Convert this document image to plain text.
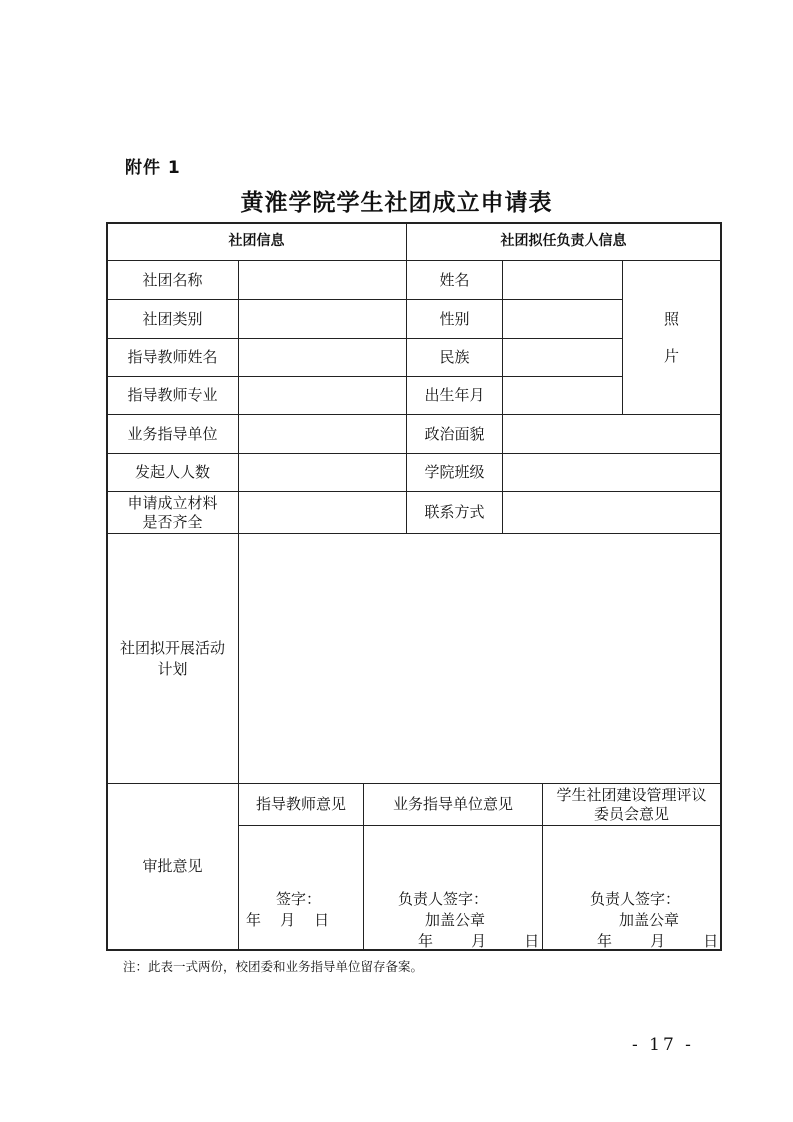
附件 1
黄淮学院学生社团成立申请表
社团信息	社团拟任负责人信息
社团名称
社团类别
指导教师姓名
指导教师专业
业务指导单位
发起人人数
申请成立材料
是否齐全
姓名
性别
民族
出生年月
政治面貌
学院班级
联系方式
照
片
社团拟开展活动
计划
审批意见
指导教师意见	业务指导单位意见
学生社团建设管理评议
委员会意见
签字：
年    月    日
负责人签字：
加盖公章
年        月        日
负责人签字：
加盖公章
年        月        日
注：此表一式两份，校团委和业务指导单位留存备案。
- 17 -
